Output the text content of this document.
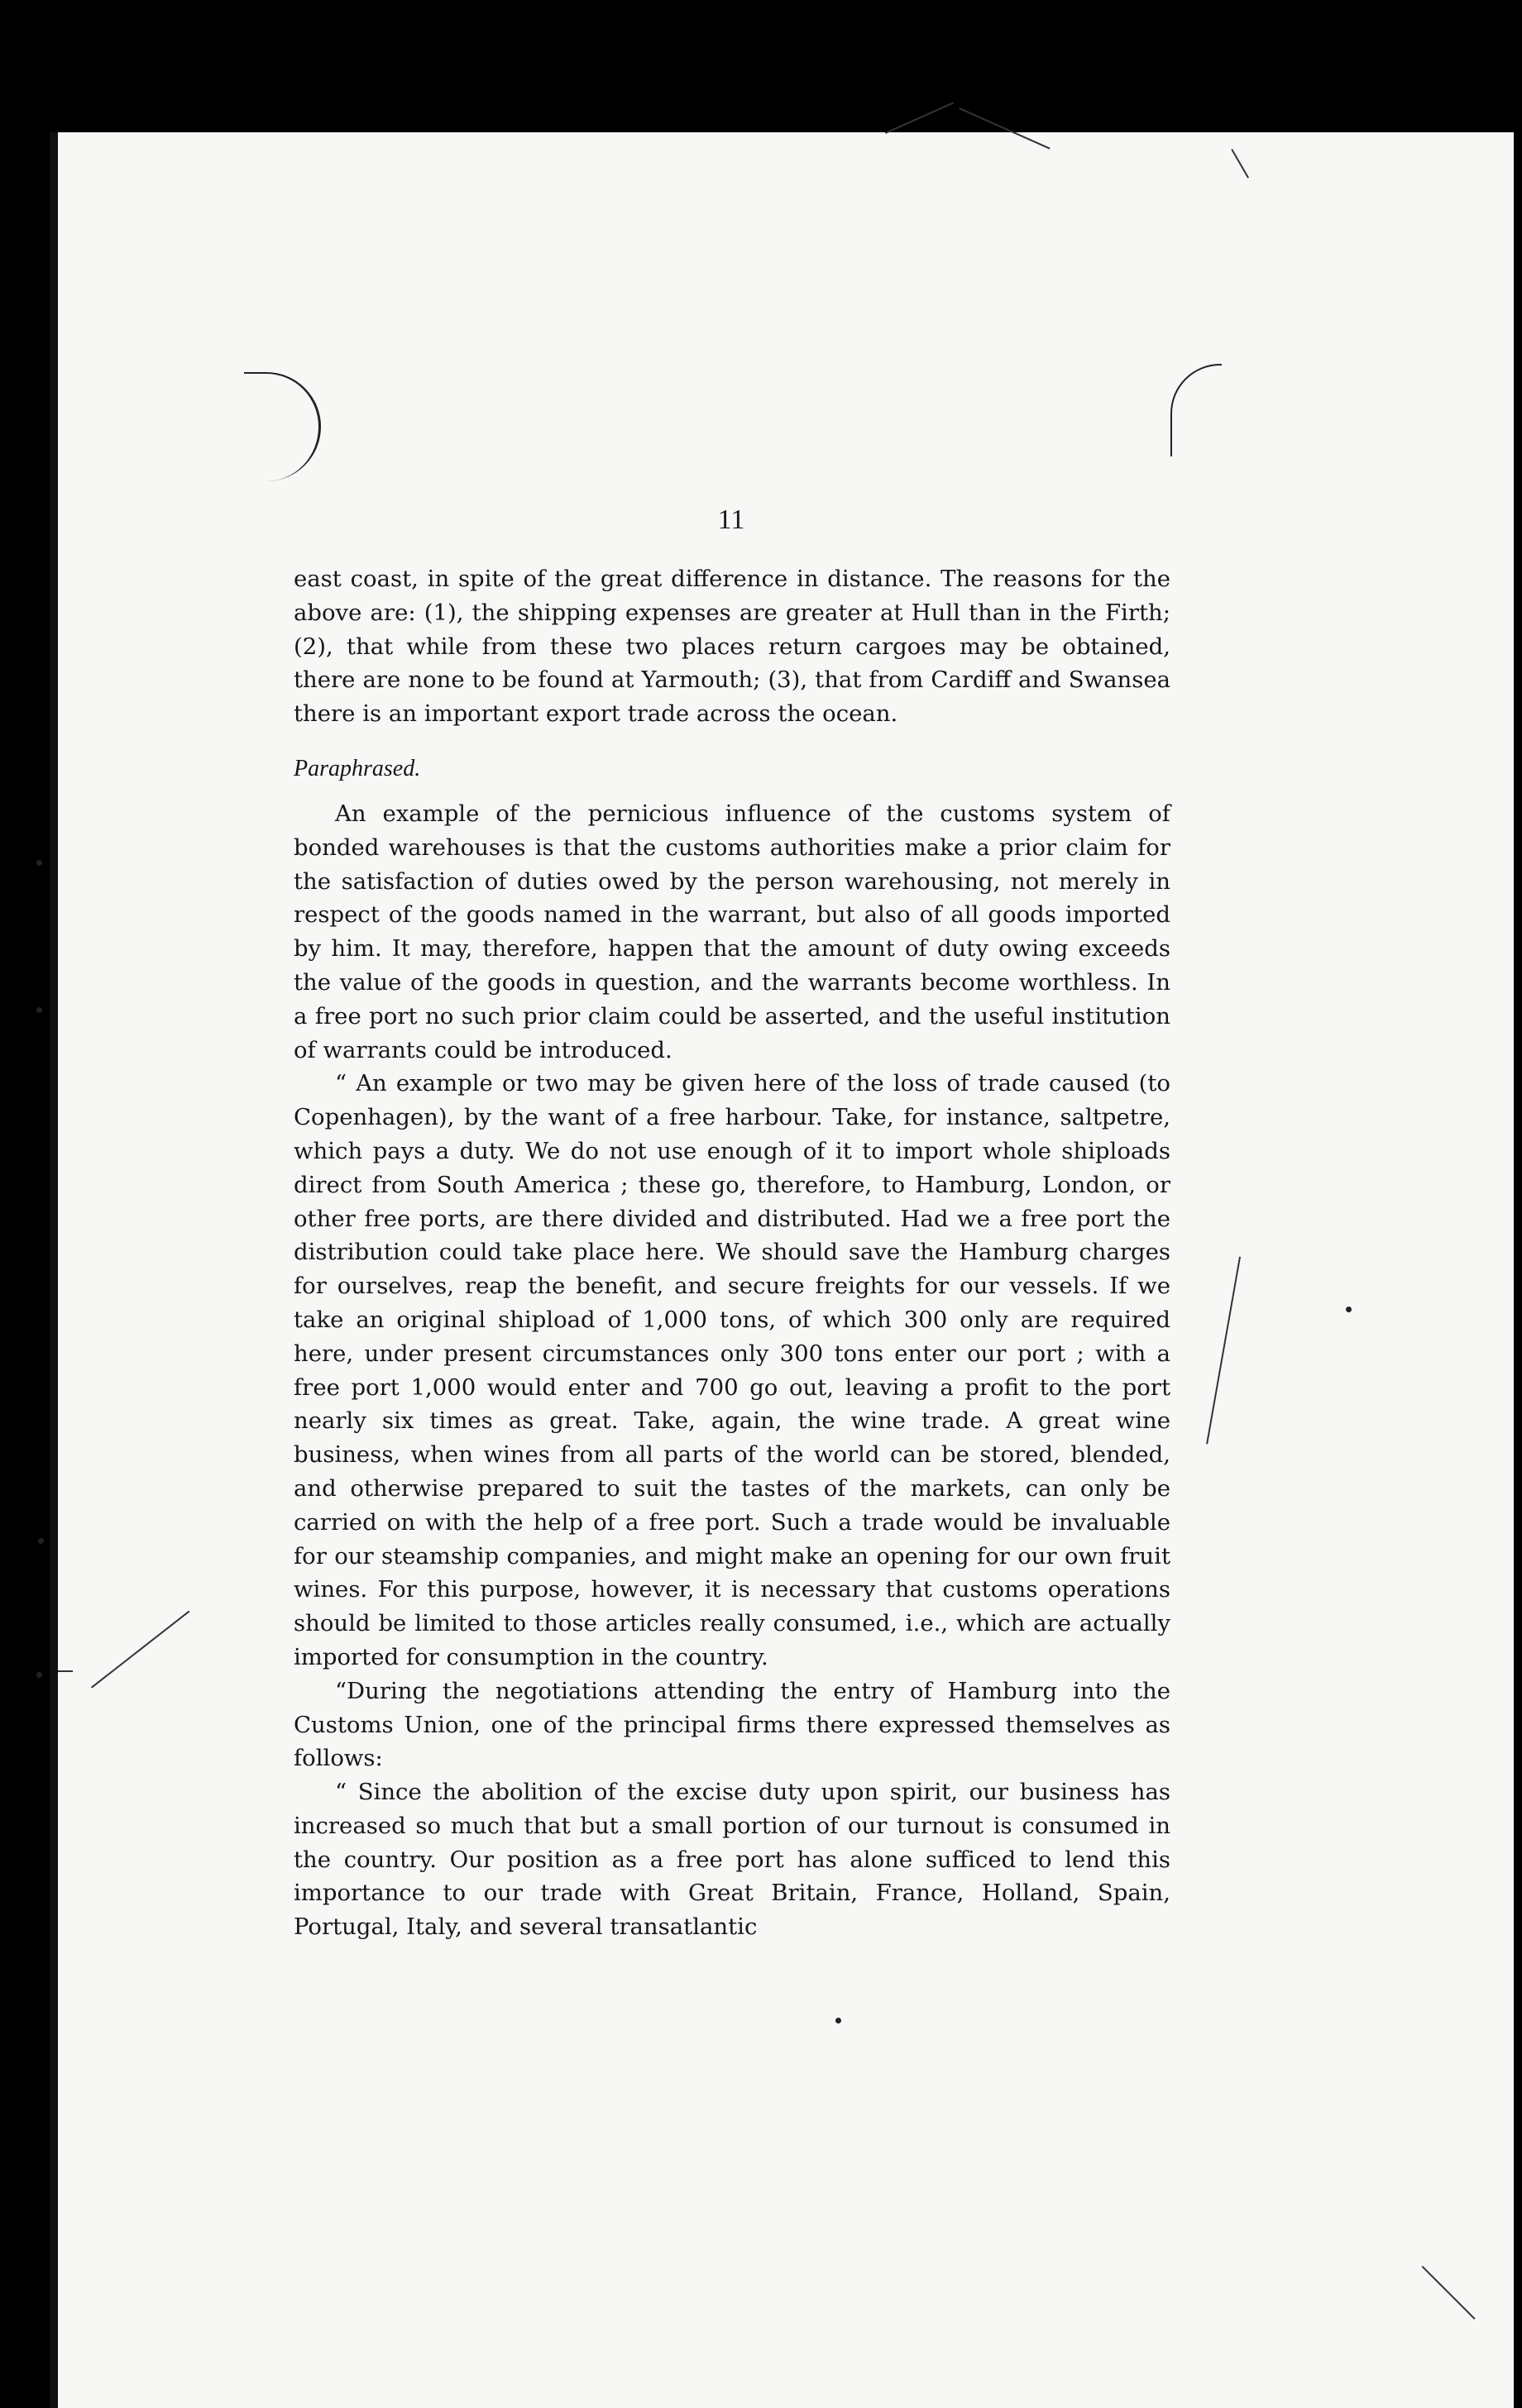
11

east coast, in spite of the great difference in distance. The reasons for the above are: (1), the shipping expenses are greater at Hull than in the Firth; (2), that while from these two places return cargoes may be obtained, there are none to be found at Yarmouth; (3), that from Cardiff and Swansea there is an important export trade across the ocean.

Paraphrased.

An example of the pernicious influence of the customs system of bonded warehouses is that the customs authorities make a prior claim for the satisfaction of duties owed by the person warehousing, not merely in respect of the goods named in the warrant, but also of all goods imported by him. It may, therefore, happen that the amount of duty owing exceeds the value of the goods in question, and the warrants become worthless. In a free port no such prior claim could be asserted, and the useful institution of warrants could be introduced.

“ An example or two may be given here of the loss of trade caused (to Copenhagen), by the want of a free harbour. Take, for instance, saltpetre, which pays a duty. We do not use enough of it to import whole shiploads direct from South America ; these go, therefore, to Hamburg, London, or other free ports, are there divided and distributed. Had we a free port the distribution could take place here. We should save the Hamburg charges for ourselves, reap the benefit, and secure freights for our vessels. If we take an original shipload of 1,000 tons, of which 300 only are required here, under present circumstances only 300 tons enter our port ; with a free port 1,000 would enter and 700 go out, leaving a profit to the port nearly six times as great. Take, again, the wine trade. A great wine business, when wines from all parts of the world can be stored, blended, and otherwise prepared to suit the tastes of the markets, can only be carried on with the help of a free port. Such a trade would be invaluable for our steamship companies, and might make an opening for our own fruit wines. For this purpose, however, it is necessary that customs operations should be limited to those articles really consumed, i.e., which are actually imported for consumption in the country.

“During the negotiations attending the entry of Hamburg into the Customs Union, one of the principal firms there expressed themselves as follows:

“ Since the abolition of the excise duty upon spirit, our business has increased so much that but a small portion of our turnout is consumed in the country. Our position as a free port has alone sufficed to lend this importance to our trade with Great Britain, France, Holland, Spain, Portugal, Italy, and several transatlantic
